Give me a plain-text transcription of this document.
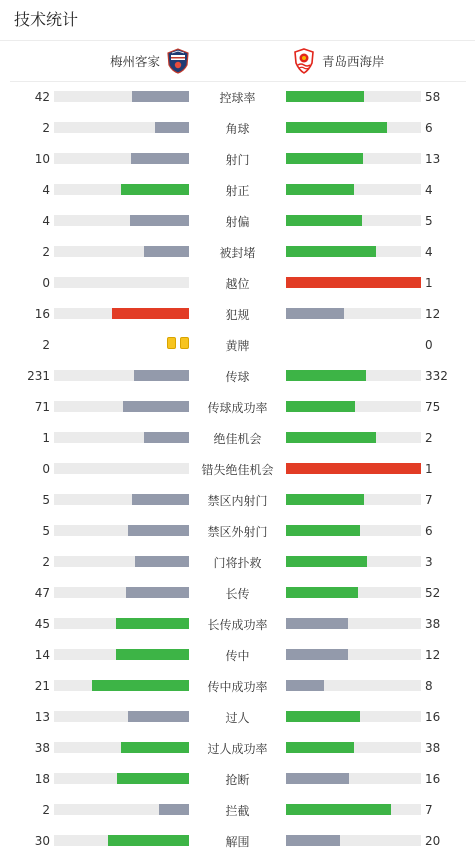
技术统计
梅州客家	青岛西海岸
42	控球率	58
2	角球	6
10	射门	13
4	射正	4
4	射偏	5
2	被封堵	4
0	越位	1
16	犯规	12
2	黄牌	0
231	传球	332
71	传球成功率	75
1	绝佳机会	2
0	错失绝佳机会	1
5	禁区内射门	7
5	禁区外射门	6
2	门将扑救	3
47	长传	52
45	长传成功率	38
14	传中	12
21	传中成功率	8
13	过人	16
38	过人成功率	38
18	抢断	16
2	拦截	7
30	解围	20
